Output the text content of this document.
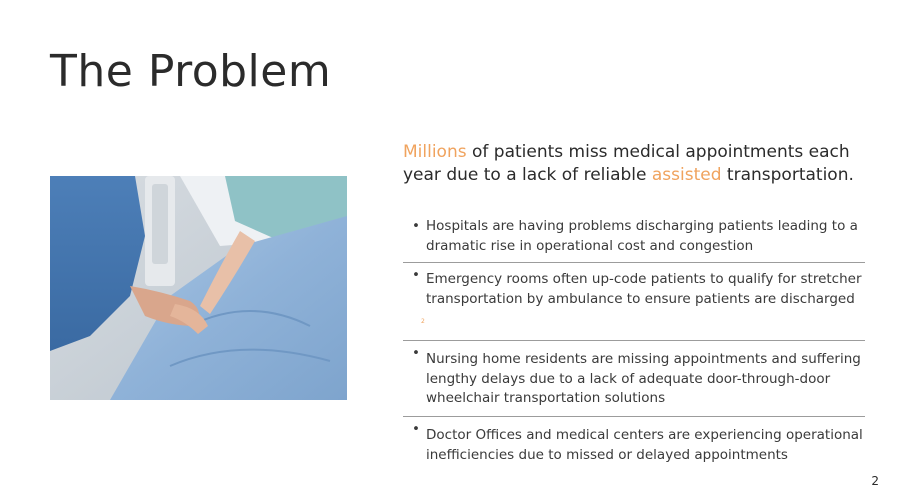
The Problem

Millions of patients miss medical appointments each year due to a lack of reliable assisted transportation.

• Hospitals are having problems discharging patients leading to a dramatic rise in operational cost and congestion
• Emergency rooms often up-code patients to qualify for stretcher transportation by ambulance to ensure patients are discharged
• Nursing home residents are missing appointments and suffering lengthy delays due to a lack of adequate door-through-door wheelchair transportation solutions
• Doctor Offices and medical centers are experiencing operational inefficiencies due to missed or delayed appointments
2
2
